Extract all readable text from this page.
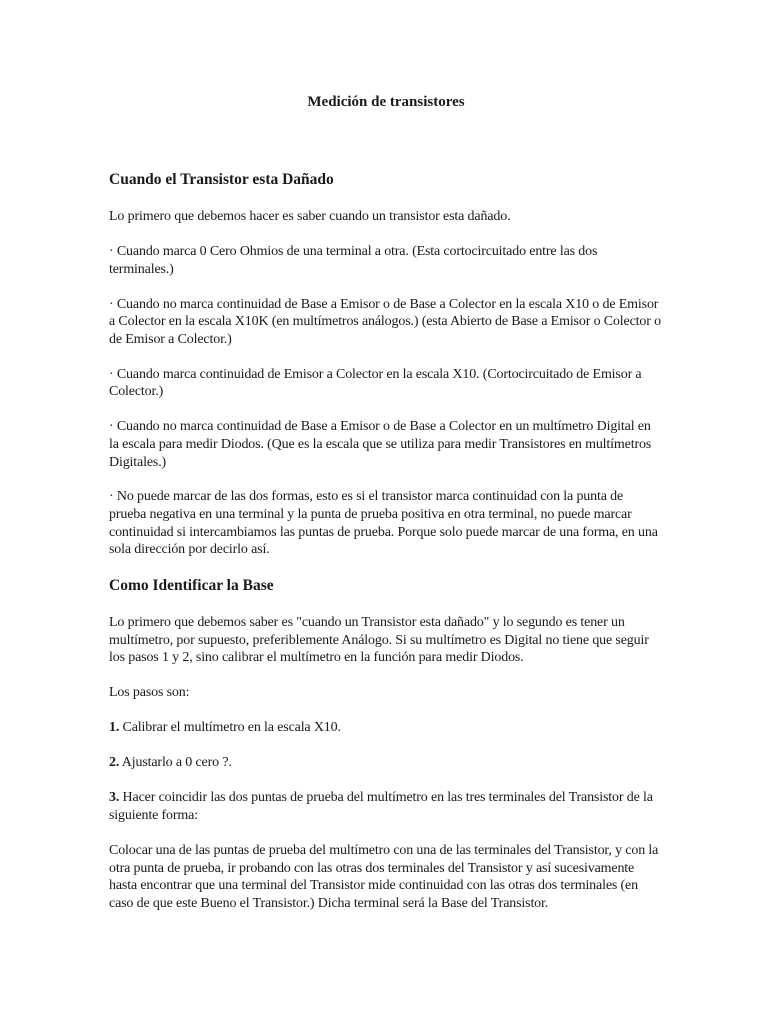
Medición de transistores
Cuando el Transistor esta Dañado

Lo primero que debemos hacer es saber cuando un transistor esta dañado.

· Cuando marca 0 Cero Ohmios de una terminal a otra. (Esta cortocircuitado entre las dos terminales.)

· Cuando no marca continuidad de Base a Emisor o de Base a Colector en la escala X10 o de Emisor a Colector en la escala X10K (en multímetros análogos.) (esta Abierto de Base a Emisor o Colector o de Emisor a Colector.)

· Cuando marca continuidad de Emisor a Colector en la escala X10. (Cortocircuitado de Emisor a Colector.)

· Cuando no marca continuidad de Base a Emisor o de Base a Colector en un multímetro Digital en la escala para medir Diodos. (Que es la escala que se utiliza para medir Transistores en multímetros Digitales.)

· No puede marcar de las dos formas, esto es si el transistor marca continuidad con la punta de prueba negativa en una terminal y la punta de prueba positiva en otra terminal, no puede marcar continuidad si intercambiamos las puntas de prueba. Porque solo puede marcar de una forma, en una sola dirección por decirlo así.

Como Identificar la Base

Lo primero que debemos saber es "cuando un Transistor esta dañado" y lo segundo es tener un multímetro, por supuesto, preferiblemente Análogo. Si su multímetro es Digital no tiene que seguir los pasos 1 y 2, sino calibrar el multímetro en la función para medir Diodos.

Los pasos son:

1. Calibrar el multímetro en la escala X10.

2. Ajustarlo a 0 cero ?.

3. Hacer coincidir las dos puntas de prueba del multímetro en las tres terminales del Transistor de la siguiente forma:

Colocar una de las puntas de prueba del multímetro con una de las terminales del Transistor, y con la otra punta de prueba, ir probando con las otras dos terminales del Transistor y así sucesivamente hasta encontrar que una terminal del Transistor mide continuidad con las otras dos terminales (en caso de que este Bueno el Transistor.) Dicha terminal será la Base del Transistor.
